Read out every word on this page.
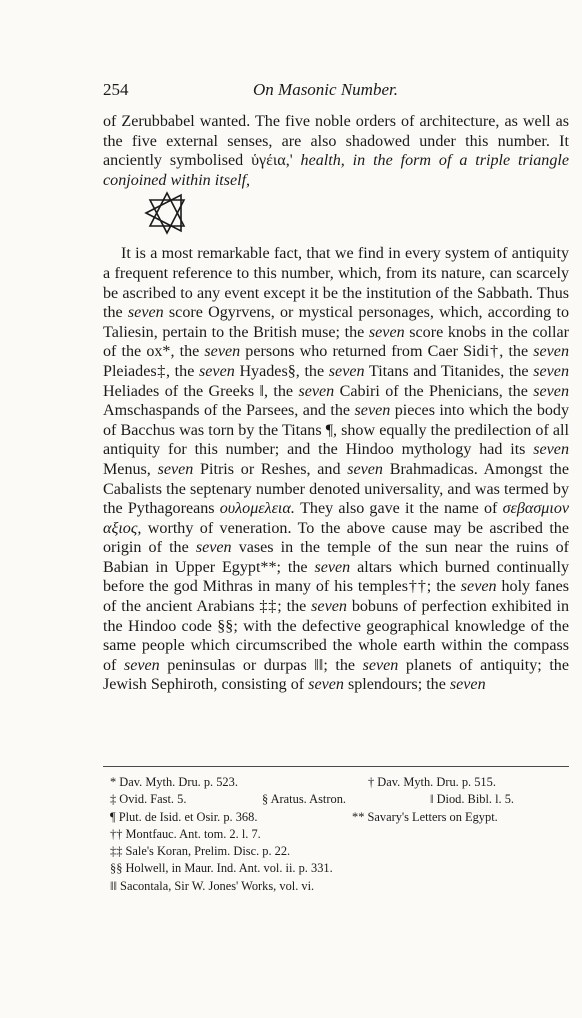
254	On Masonic Number.

of Zerubbabel wanted. The five noble orders of architecture, as well as the five external senses, are also shadowed under this number. It anciently symbolised ὑγέια,' health, in the form of a triple triangle conjoined within itself,

It is a most remarkable fact, that we find in every system of antiquity a frequent reference to this number, which, from its nature, can scarcely be ascribed to any event except it be the institution of the Sabbath. Thus the seven score Ogyrvens, or mystical personages, which, according to Taliesin, pertain to the British muse; the seven score knobs in the collar of the ox*, the seven persons who returned from Caer Sidi†, the seven Pleiades‡, the seven Hyades§, the seven Titans and Titanides, the seven Heliades of the Greeks ‖, the seven Cabiri of the Phenicians, the seven Amschaspands of the Parsees, and the seven pieces into which the body of Bacchus was torn by the Titans ¶, show equally the predilection of all antiquity for this number; and the Hindoo mythology had its seven Menus, seven Pitris or Reshes, and seven Brahmadicas. Amongst the Cabalists the septenary number denoted universality, and was termed by the Pythagoreans ουλομελεια. They also gave it the name of σεβασμιον αξιος, worthy of veneration. To the above cause may be ascribed the origin of the seven vases in the temple of the sun near the ruins of Babian in Upper Egypt**; the seven altars which burned continually before the god Mithras in many of his temples††; the seven holy fanes of the ancient Arabians ‡‡; the seven bobuns of perfection exhibited in the Hindoo code §§; with the defective geographical knowledge of the same people which circumscribed the whole earth within the compass of seven peninsulas or durpas ‖‖; the seven planets of antiquity; the Jewish Sephiroth, consisting of seven splendours; the seven

* Dav. Myth. Dru. p. 523.	† Dav. Myth. Dru. p. 515.
‡ Ovid. Fast. 5.	§ Aratus. Astron.	‖ Diod. Bibl. l. 5.
¶ Plut. de Isid. et Osir. p. 368.	** Savary's Letters on Egypt.
†† Montfauc. Ant. tom. 2. l. 7.
‡‡ Sale's Koran, Prelim. Disc. p. 22.
§§ Holwell, in Maur. Ind. Ant. vol. ii. p. 331.
‖‖ Sacontala, Sir W. Jones' Works, vol. vi.
